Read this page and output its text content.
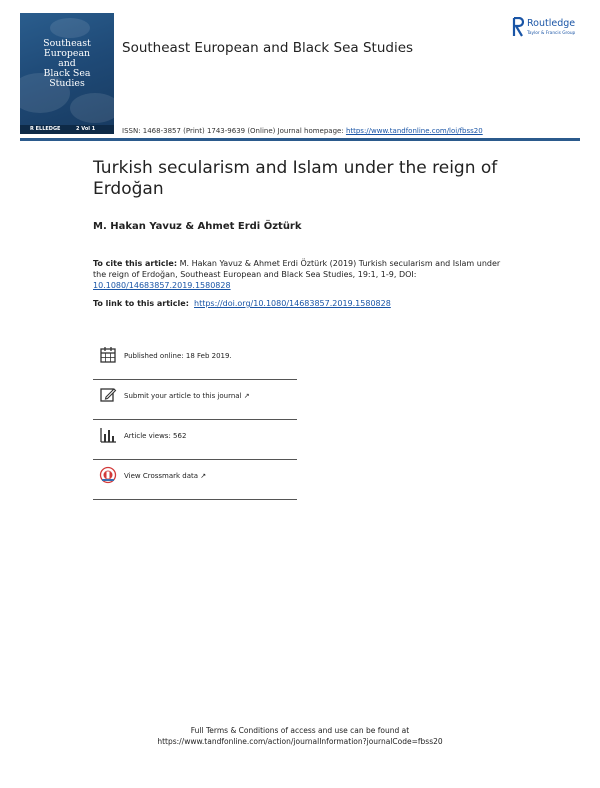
Southeast European
and
Black Sea
Studies
R ELLEDGE	2 Vol 1
Southeast European and Black Sea Studies
ISSN: 1468-3857 (Print) 1743-9639 (Online) Journal homepage: https://www.tandfonline.com/loi/fbss20
Routledge
Taylor & Francis Group
Turkish secularism and Islam under the reign of Erdoğan
M. Hakan Yavuz & Ahmet Erdi Öztürk
To cite this article: M. Hakan Yavuz & Ahmet Erdi Öztürk (2019) Turkish secularism and Islam under the reign of Erdoğan, Southeast European and Black Sea Studies, 19:1, 1-9, DOI: 10.1080/14683857.2019.1580828
To link to this article: https://doi.org/10.1080/14683857.2019.1580828
Published online: 18 Feb 2019.
Submit your article to this journal ↗
Article views: 562
View Crossmark data ↗
Full Terms & Conditions of access and use can be found at
https://www.tandfonline.com/action/journalInformation?journalCode=fbss20
